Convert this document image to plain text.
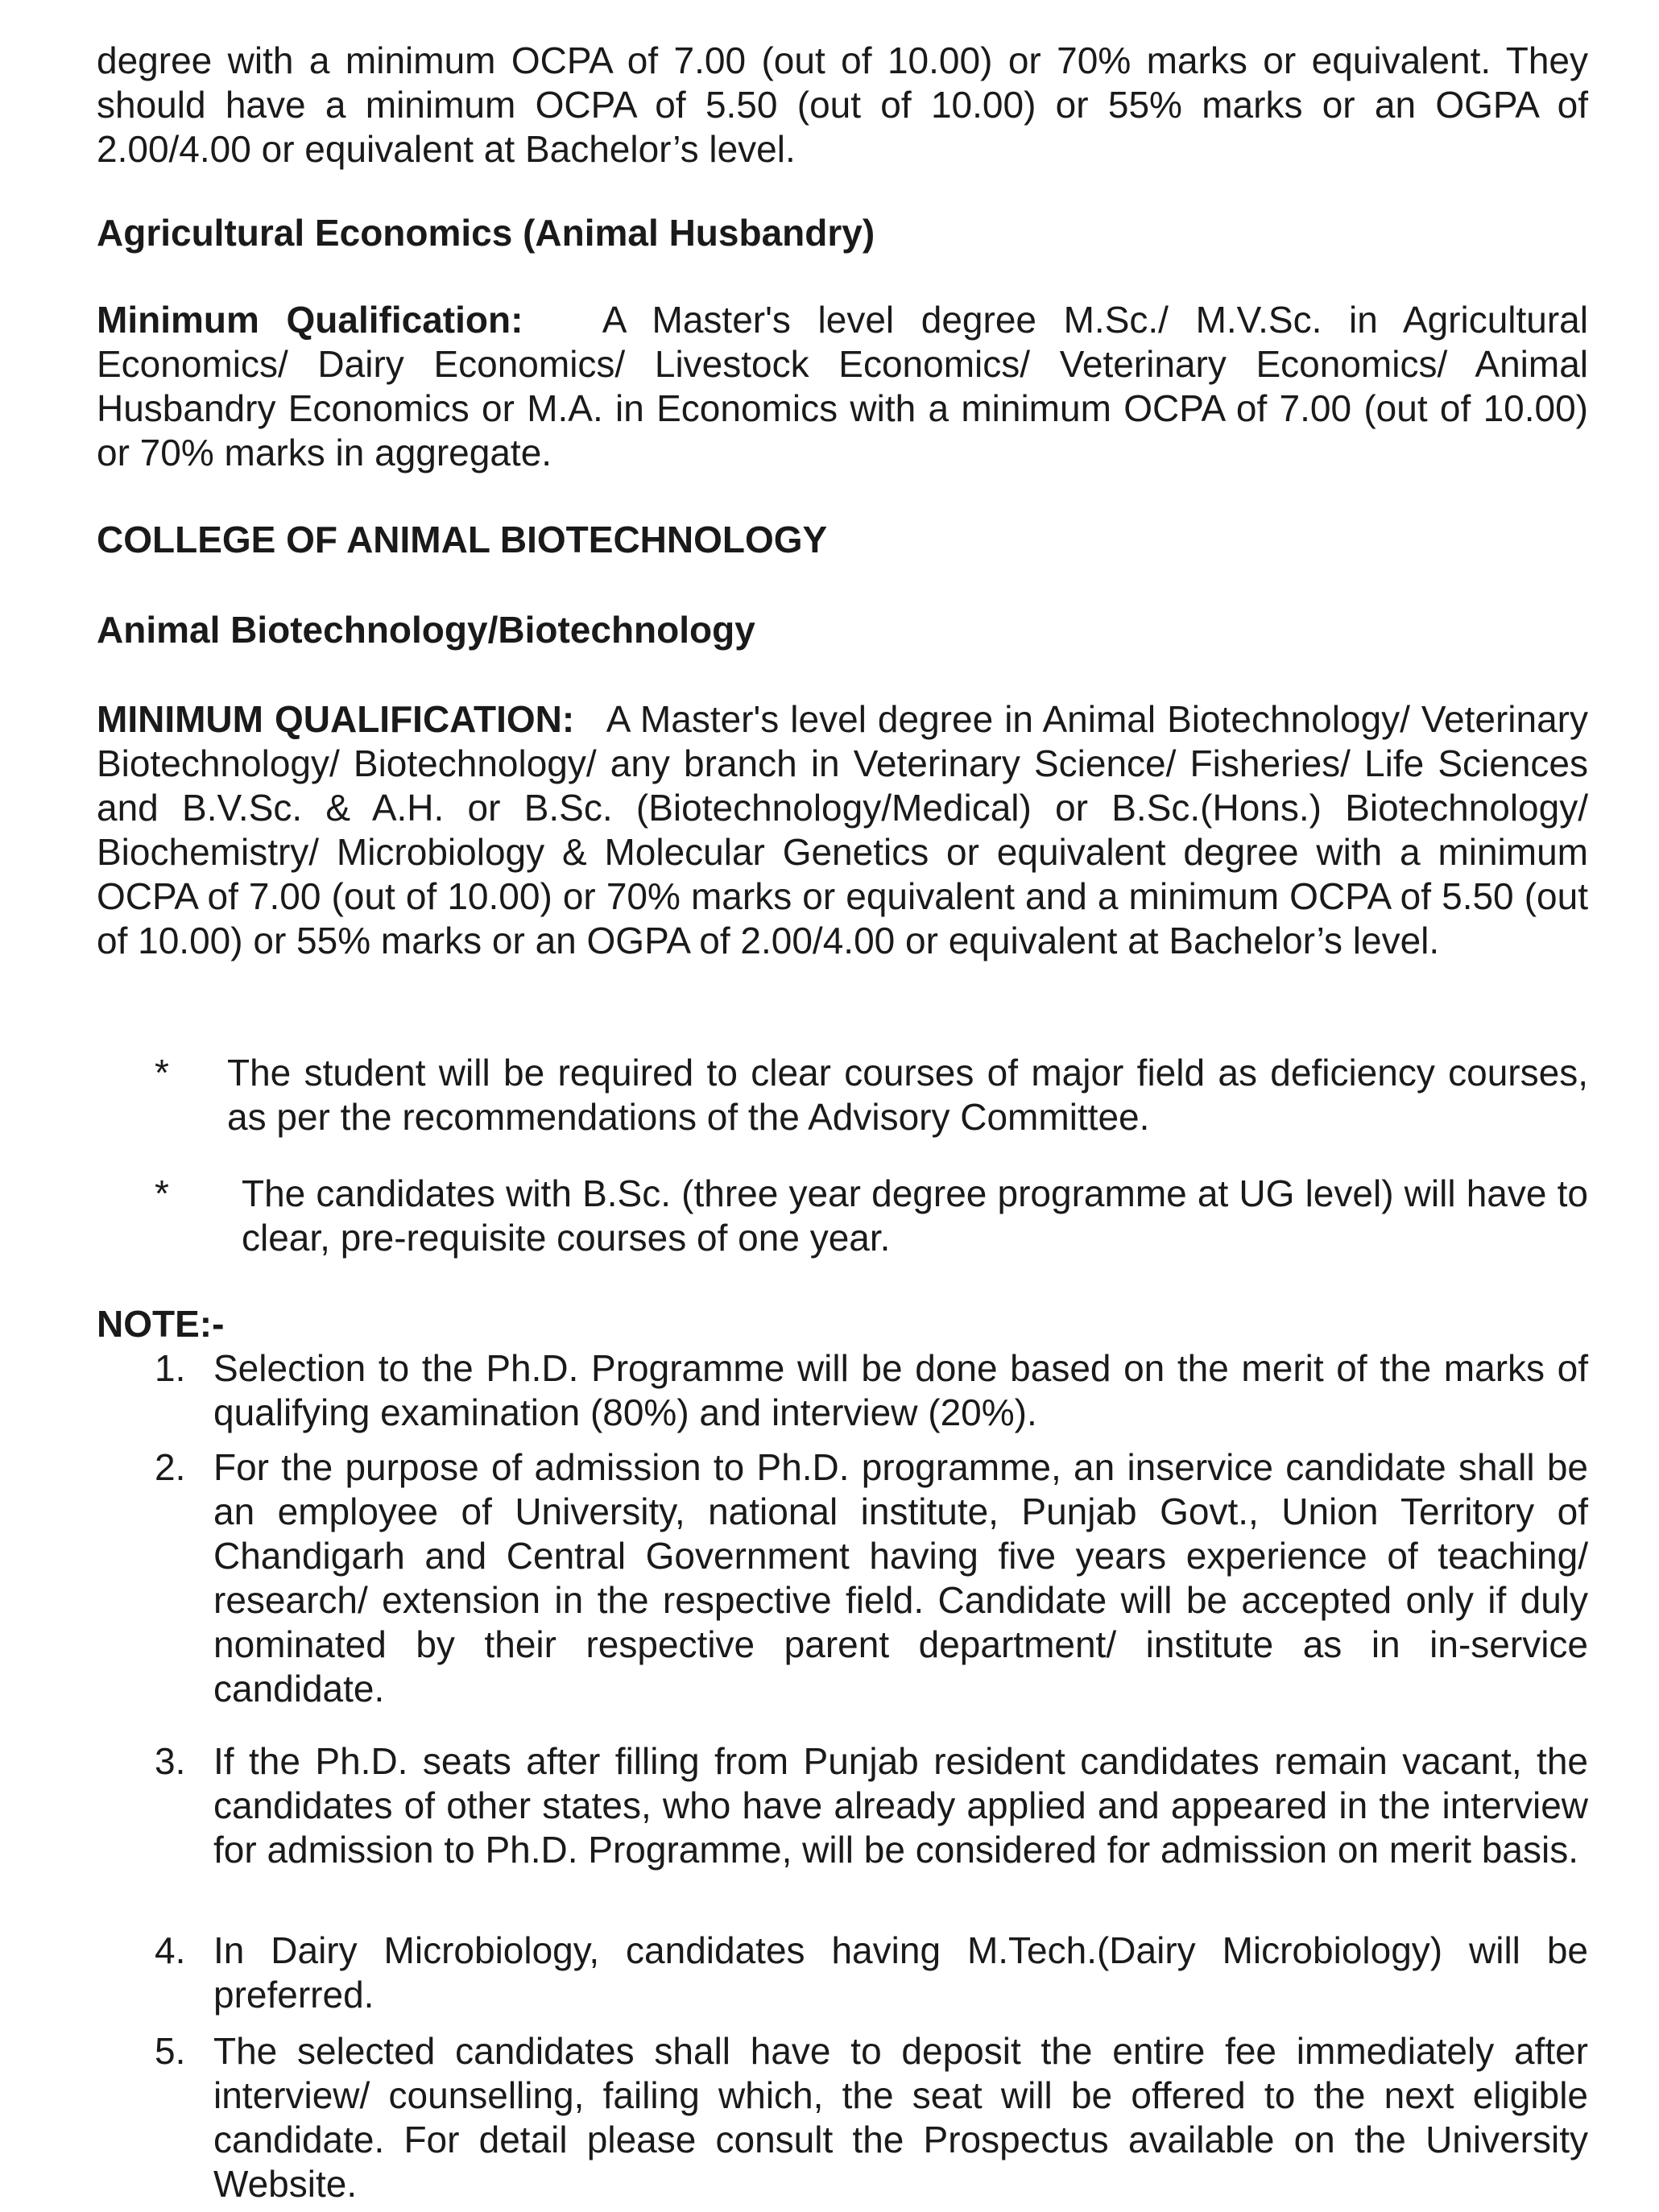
degree with a minimum OCPA of 7.00 (out of 10.00) or 70% marks or equivalent. They should have a minimum OCPA of 5.50 (out of 10.00) or 55% marks or an OGPA of 2.00/4.00 or equivalent at Bachelor’s level.
Agricultural Economics (Animal Husbandry)
Minimum Qualification: A Master's level degree M.Sc./ M.V.Sc. in Agricultural Economics/ Dairy Economics/ Livestock Economics/ Veterinary Economics/ Animal Husbandry Economics or M.A. in Economics with a minimum OCPA of 7.00 (out of 10.00) or 70% marks in aggregate.
COLLEGE OF ANIMAL BIOTECHNOLOGY
Animal Biotechnology/Biotechnology
MINIMUM QUALIFICATION: A Master's level degree in Animal Biotechnology/ Veterinary Biotechnology/ Biotechnology/ any branch in Veterinary Science/ Fisheries/ Life Sciences and B.V.Sc. & A.H. or B.Sc. (Biotechnology/Medical) or B.Sc.(Hons.) Biotechnology/ Biochemistry/ Microbiology & Molecular Genetics or equivalent degree with a minimum OCPA of 7.00 (out of 10.00) or 70% marks or equivalent and a minimum OCPA of 5.50 (out of 10.00) or 55% marks or an OGPA of 2.00/4.00 or equivalent at Bachelor’s level.
* The student will be required to clear courses of major field as deficiency courses, as per the recommendations of the Advisory Committee.
* The candidates with B.Sc. (three year degree programme at UG level) will have to clear, pre-requisite courses of one year.
NOTE:-
1. Selection to the Ph.D. Programme will be done based on the merit of the marks of qualifying examination (80%) and interview (20%).
2. For the purpose of admission to Ph.D. programme, an inservice candidate shall be an employee of University, national institute, Punjab Govt., Union Territory of Chandigarh and Central Government having five years experience of teaching/ research/ extension in the respective field. Candidate will be accepted only if duly nominated by their respective parent department/ institute as in in-service candidate.
3. If the Ph.D. seats after filling from Punjab resident candidates remain vacant, the candidates of other states, who have already applied and appeared in the interview for admission to Ph.D. Programme, will be considered for admission on merit basis.
4. In Dairy Microbiology, candidates having M.Tech.(Dairy Microbiology) will be preferred.
5. The selected candidates shall have to deposit the entire fee immediately after interview/ counselling, failing which, the seat will be offered to the next eligible candidate. For detail please consult the Prospectus available on the University Website.
